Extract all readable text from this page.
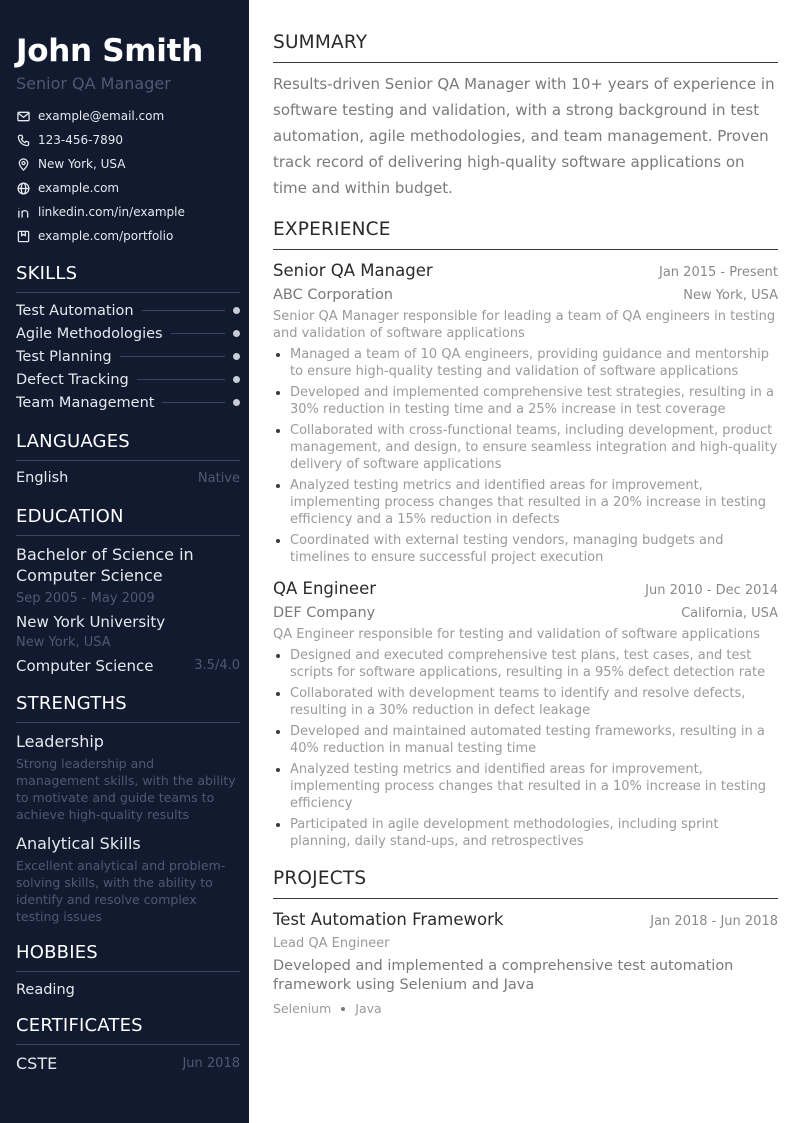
John Smith
Senior QA Manager
example@email.com
123-456-7890
New York, USA
example.com
linkedin.com/in/example
example.com/portfolio
SKILLS
Test Automation
Agile Methodologies
Test Planning
Defect Tracking
Team Management
LANGUAGES
English	Native
EDUCATION
Bachelor of Science in Computer Science
Sep 2005 - May 2009
New York University
New York, USA
Computer Science	3.5/4.0
STRENGTHS
Leadership
Strong leadership and management skills, with the ability to motivate and guide teams to achieve high-quality results
Analytical Skills
Excellent analytical and problem-solving skills, with the ability to identify and resolve complex testing issues
HOBBIES
Reading
CERTIFICATES
CSTE	Jun 2018
SUMMARY
Results-driven Senior QA Manager with 10+ years of experience in software testing and validation, with a strong background in test automation, agile methodologies, and team management. Proven track record of delivering high-quality software applications on time and within budget.
EXPERIENCE
Senior QA Manager	Jan 2015 - Present
ABC Corporation	New York, USA
Senior QA Manager responsible for leading a team of QA engineers in testing and validation of software applications
Managed a team of 10 QA engineers, providing guidance and mentorship to ensure high-quality testing and validation of software applications
Developed and implemented comprehensive test strategies, resulting in a 30% reduction in testing time and a 25% increase in test coverage
Collaborated with cross-functional teams, including development, product management, and design, to ensure seamless integration and high-quality delivery of software applications
Analyzed testing metrics and identified areas for improvement, implementing process changes that resulted in a 20% increase in testing efficiency and a 15% reduction in defects
Coordinated with external testing vendors, managing budgets and timelines to ensure successful project execution
QA Engineer	Jun 2010 - Dec 2014
DEF Company	California, USA
QA Engineer responsible for testing and validation of software applications
Designed and executed comprehensive test plans, test cases, and test scripts for software applications, resulting in a 95% defect detection rate
Collaborated with development teams to identify and resolve defects, resulting in a 30% reduction in defect leakage
Developed and maintained automated testing frameworks, resulting in a 40% reduction in manual testing time
Analyzed testing metrics and identified areas for improvement, implementing process changes that resulted in a 10% increase in testing efficiency
Participated in agile development methodologies, including sprint planning, daily stand-ups, and retrospectives
PROJECTS
Test Automation Framework	Jan 2018 - Jun 2018
Lead QA Engineer
Developed and implemented a comprehensive test automation framework using Selenium and Java
Selenium Java
